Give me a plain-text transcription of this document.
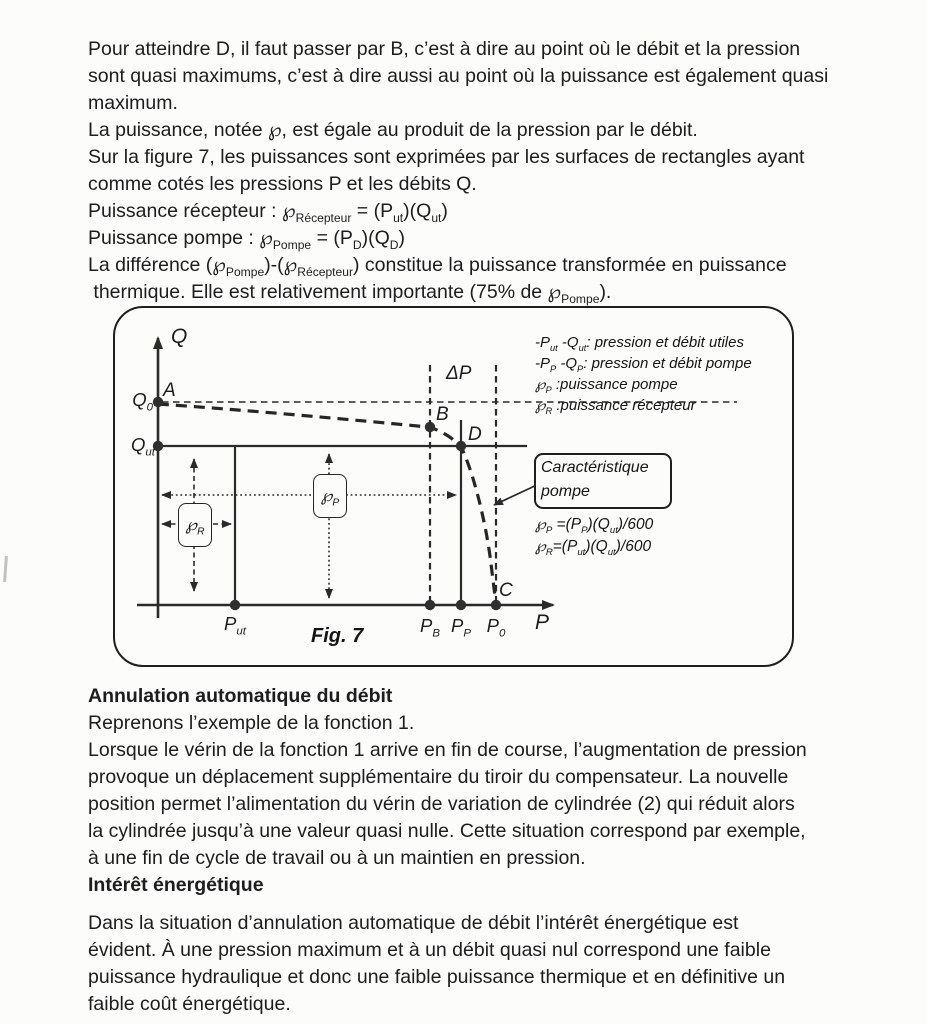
Pour atteindre D, il faut passer par B, c’est à dire au point où le débit et la pression
sont quasi maximums, c’est à dire aussi au point où la puissance est également quasi
maximum.
La puissance, notée ℘, est égale au produit de la pression par le débit.
Sur la figure 7, les puissances sont exprimées par les surfaces de rectangles ayant
comme cotés les pressions P et les débits Q.
Puissance récepteur : $℘_{Récepteur} = (P_{ut})(Q_{ut})$
Puissance pompe : $℘_{Pompe} = (P_D)(Q_D)$
La différence $(℘_{Pompe})-(℘_{Récepteur})$ constitue la puissance transformée en puissance
thermique. Elle est relativement importante (75% de $℘_{Pompe}$).
Q
P
A
B
D
C
$Q_0$
$Q_{ut}$
$P_{ut}$	$P_B$ $P_P$ $P_0$
ΔP
$℘_P$
$℘_R$
$-P_{ut}$ $-Q_{ut}$: pression et débit utiles
$-P_P$ $-Q_P$: pression et débit pompe
$℘_P$ :puissance pompe
$℘_R$ :puissance récepteur
Caractéristique
pompe
$℘_P =(P_P)(Q_{ut})/600$
$℘_R=(P_{ut})(Q_{ut})/600$
Fig. 7
Annulation automatique du débit
Reprenons l’exemple de la fonction 1.
Lorsque le vérin de la fonction 1 arrive en fin de course, l’augmentation de pression
provoque un déplacement supplémentaire du tiroir du compensateur. La nouvelle
position permet l’alimentation du vérin de variation de cylindrée (2) qui réduit alors
la cylindrée jusqu’à une valeur quasi nulle. Cette situation correspond par exemple,
à une fin de cycle de travail ou à un maintien en pression.
Intérêt énergétique
Dans la situation d’annulation automatique de débit l’intérêt énergétique est
évident. À une pression maximum et à un débit quasi nul correspond une faible
puissance hydraulique et donc une faible puissance thermique et en définitive un
faible coût énergétique.
